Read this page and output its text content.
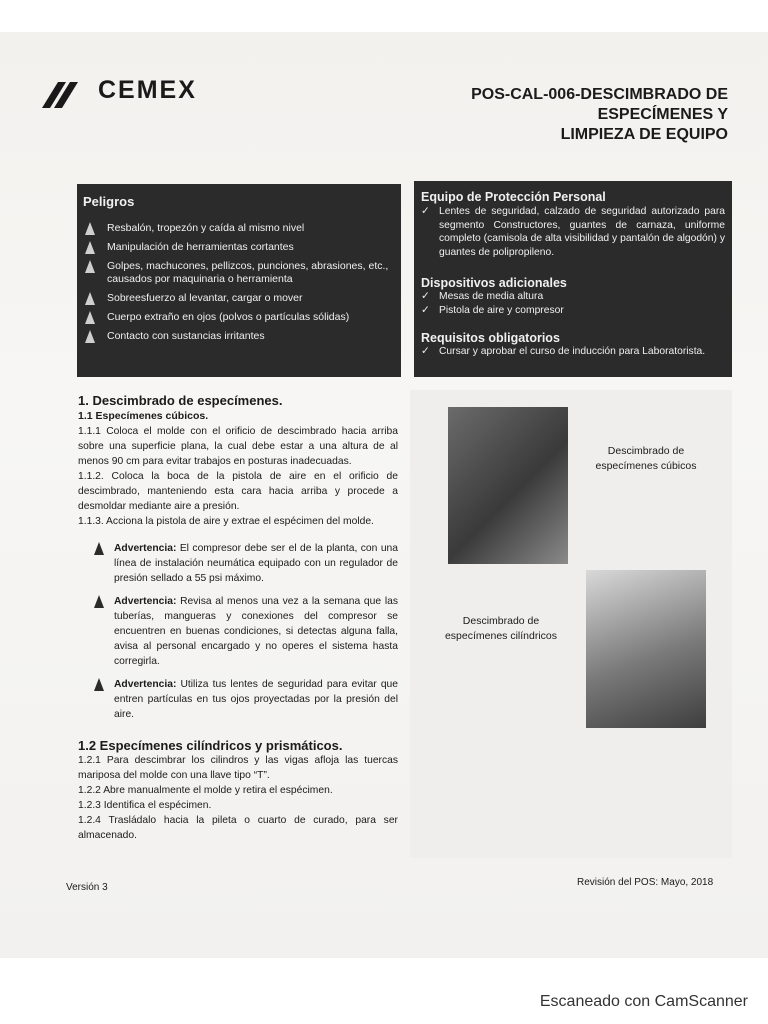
CEMEX	POS-CAL-006-DESCIMBRADO DE ESPECÍMENES Y
LIMPIEZA DE EQUIPO
Peligros
Resbalón, tropezón y caída al mismo nivel
Manipulación de herramientas cortantes
Golpes, machucones, pellizcos, punciones, abrasiones, etc., causados por maquinaria o herramienta
Sobreesfuerzo al levantar, cargar o mover
Cuerpo extraño en ojos (polvos o partículas sólidas)
Contacto con sustancias irritantes

Equipo de Protección Personal

✓ Lentes de seguridad, calzado de seguridad autorizado para segmento Constructores, guantes de carnaza, uniforme completo (camisola de alta visibilidad y pantalón de algodón) y guantes de polipropileno.

Dispositivos adicionales

✓ Mesas de media altura
✓ Pistola de aire y compresor

Requisitos obligatorios

✓ Cursar y aprobar el curso de inducción para Laboratorista.

1. Descimbrado de especímenes.

1.1 Especímenes cúbicos.

1.1.1 Coloca el molde con el orificio de descimbrado hacia arriba sobre una superficie plana, la cual debe estar a una altura de al menos 90 cm para evitar trabajos en posturas inadecuadas.

1.1.2. Coloca la boca de la pistola de aire en el orificio de descimbrado, manteniendo esta cara hacia arriba y procede a desmoldar mediante aire a presión.

1.1.3. Acciona la pistola de aire y extrae el espécimen del molde.

Advertencia: El compresor debe ser el de la planta, con una línea de instalación neumática equipado con un regulador de presión sellado a 55 psi máximo.

Advertencia: Revisa al menos una vez a la semana que las tuberías, mangueras y conexiones del compresor se encuentren en buenas condiciones, si detectas alguna falla, avisa al personal encargado y no operes el sistema hasta corregirla.

Advertencia: Utiliza tus lentes de seguridad para evitar que entren partículas en tus ojos proyectadas por la presión del aire.

1.2 Especímenes cilíndricos y prismáticos.

1.2.1 Para descimbrar los cilindros y las vigas afloja las tuercas mariposa del molde con una llave tipo “T”.

1.2.2 Abre manualmente el molde y retira el espécimen.

1.2.3 Identifica el espécimen.

1.2.4 Trasládalo hacia la pileta o cuarto de curado, para ser almacenado.

Descimbrado de
especímenes cúbicos
Descimbrado de
especímenes cilíndricos
Versión 3	Revisión del POS: Mayo, 2018
Escaneado con CamScanner
